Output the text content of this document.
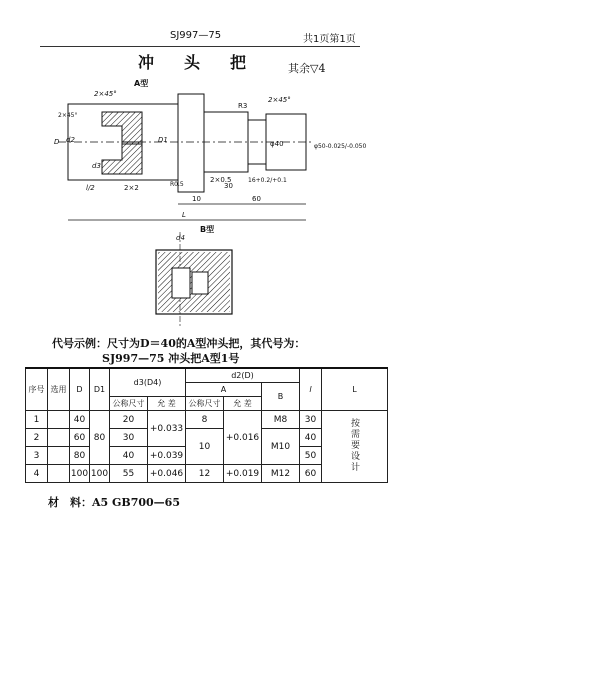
SJ997—75	共1页第1页
冲头把 其余▽4
A型
L
10
30
60
2×45°
2×45°
2×45°
D d2
d3
D1
R3
φ40	φ50-0.025/-0.050
R0.5
2×0.5	16+0.2/+0.1
l/2	2×2
B型
d4
代号示例：尺寸为D＝40的A型冲头把，其代号为：
SJ997—75 冲头把A型1号
序号	选用	D	D1	d3(D4)		d2(D)			l	L
						A		B		
				公称尺寸	允 差	公称尺寸	允 差			
1		40	80	20	+0.033	8	+0.016	M8	30	按需要设计
2		60		30		10		M10	40	
3		80		40	+0.039				50	
4		100	100	55	+0.046	12	+0.019	M12	60	
材　料：A5 GB700—65
